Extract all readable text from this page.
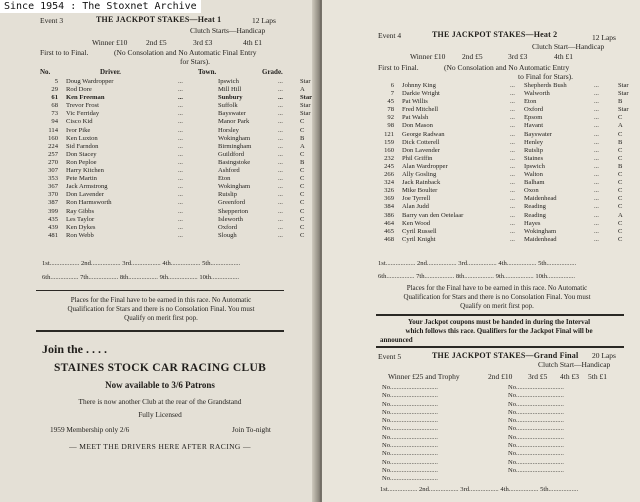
Since 1954 : The Stoxnet Archive
Event 3	THE JACKPOT STAKES—Heat 1	12 Laps
Clutch Starts—Handicap
Winner £10 2nd £5	3rd £3	4th £1
First to to Final.	(No Consolation and No Automatic Final Entry
for Stars).
No.	Driver.	Town.	Grade.
5	Doug Wardropper	...	Ipswich	...	Star
29	Rod Dore	...	Mill Hill	...	A
61	Ken Freeman	...	Sunbury	...	Star
68	Trevor Frost	...	Suffolk	...	Star
73	Vic Ferriday	...	Bayswater	...	Star
94	Cisco Kid	...	Manor Park	...	C
114	Ivor Pike	...	Horsley	...	C
160	Ken Luxton	...	Wokingham	...	B
224	Sid Farndon	...	Birmingham	...	A
257	Don Stacey	...	Guildford	...	C
270	Ron Peploe	...	Basingstoke	...	B
307	Harry Kitchen	...	Ashford	...	C
353	Pete Martin	...	Eton	...	C
367	Jack Armstrong	...	Wokingham	...	C
370	Don Lavender	...	Ruislip	...	C
387	Ron Harmsworth	...	Greenford	...	C
399	Ray Gibbs	...	Shepperton	...	C
435	Les Taylor	...	Isleworth	...	C
439	Ken Dykes	...	Oxford	...	C
481	Ron Webb	...	Slough	...	C
1st.................. 2nd.................. 3rd.................. 4th.................. 5th..................
6th................. 7th.................. 8th.................. 9th.................. 10th.................
Places for the Final have to be earned in this race. No Automatic
Qualification for Stars and there is no Consolation Final. You must
Qualify on merit first pop.
Join the . . . .
STAINES STOCK CAR RACING CLUB
Now available to 3/6 Patrons
There is now another Club at the rear of the Grandstand
Fully Licensed
1959 Membership only 2/6	Join To-night
— MEET THE DRIVERS HERE AFTER RACING —
Event 4	THE JACKPOT STAKES—Heat 2	12 Laps
Clutch Start—Handicap
Winner £10 2nd £5	3rd £3	4th £1
First to Final.	(No Consolation and No Automatic Entry
to Final for Stars).
6	Johnny King	...	Shepherds Bush	...	Star
7	Darkie Wright	...	Walworth	...	Star
45	Pat Willis	...	Eton	...	B
78	Fred Mitchell	...	Oxford	...	Star
92	Pat Walsh	...	Epsom	...	C
98	Don Mason	...	Havant	...	A
121	George Radwan	...	Bayswater	...	C
159	Dick Cotterell	...	Henley	...	B
160	Don Lavender	...	Ruislip	...	C
232	Phil Griffin	...	Staines	...	C
245	Alan Wardropper	...	Ipswich	...	B
266	Ally Gosling	...	Walton	...	C
324	Jack Rainback	...	Balham	...	C
326	Mike Boulter	...	Oxon	...	C
369	Joe Tyrrell	...	Maidenhead	...	C
384	Alan Judd	...	Reading	...	C
386	Barry van den Oetelaar	...	Reading	...	A
464	Ken Wood	...	Hayes	...	C
465	Cyril Russell	...	Wokingham	...	C
468	Cyril Knight	...	Maidenhead	...	C
1st.................. 2nd.................. 3rd.................. 4th.................. 5th..................
6th................. 7th.................. 8th.................. 9th.................. 10th.................
Places for the Final have to be earned in this race. No Automatic
Qualification for Stars and there is no Consolation Final. You must
Qualify on merit first pop.
Your Jackpot coupons must be handed in during the Interval
which follows this race. Qualifiers for the Jackpot Final will be
announced
Event 5	THE JACKPOT STAKES—Grand Final 20 Laps
Clutch Start—Handicap
Winner £25 and Trophy	2nd £10 3rd £5 4th £3 5th £1
No.............................
No.............................
No.............................
No.............................
No.............................
No.............................
No.............................
No.............................
No.............................
No.............................
No.............................
No.............................
No.............................
No.............................
No.............................
No.............................
No.............................
No.............................
No.............................
No.............................
No.............................
No.............................
No.............................
1st.................. 2nd.................. 3rd.................. 4th.................. 5th..................
